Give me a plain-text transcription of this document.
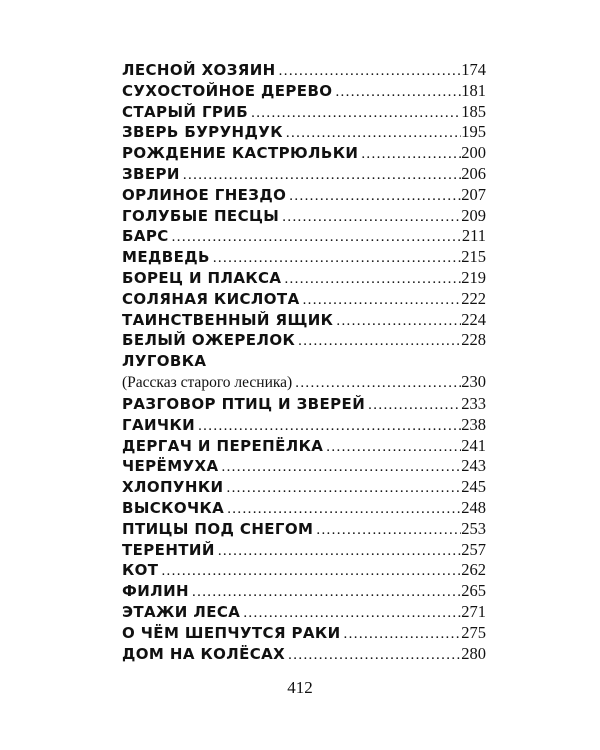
ЛЕСНОЙ ХОЗЯИН . . .	174
СУХОСТОЙНОЕ ДЕРЕВО . . .	181
СТАРЫЙ ГРИБ . . .	185
ЗВЕРЬ БУРУНДУК . . .	195
РОЖДЕНИЕ КАСТРЮЛЬКИ . . .	200
ЗВЕРИ . . .	206
ОРЛИНОЕ ГНЕЗДО . . .	207
ГОЛУБЫЕ ПЕСЦЫ . . .	209
БАРС . . .	211
МЕДВЕДЬ . . .	215
БОРЕЦ И ПЛАКСА . . .	219
СОЛЯНАЯ КИСЛОТА . . .	222
ТАИНСТВЕННЫЙ ЯЩИК . . .	224
БЕЛЫЙ ОЖЕРЕЛОК . . .	228
ЛУГОВКА
(Рассказ старого лесника) . . .	230
РАЗГОВОР ПТИЦ И ЗВЕРЕЙ . . .	233
ГАИЧКИ . . .	238
ДЕРГАЧ И ПЕРЕПЁЛКА . . .	241
ЧЕРЁМУХА . . .	243
ХЛОПУНКИ . . .	245
ВЫСКОЧКА . . .	248
ПТИЦЫ ПОД СНЕГОМ . . .	253
ТЕРЕНТИЙ . . .	257
КОТ . . .	262
ФИЛИН . . .	265
ЭТАЖИ ЛЕСА . . .	271
О ЧЁМ ШЕПЧУТСЯ РАКИ . . .	275
ДОМ НА КОЛЁСАХ . . .	280
412
